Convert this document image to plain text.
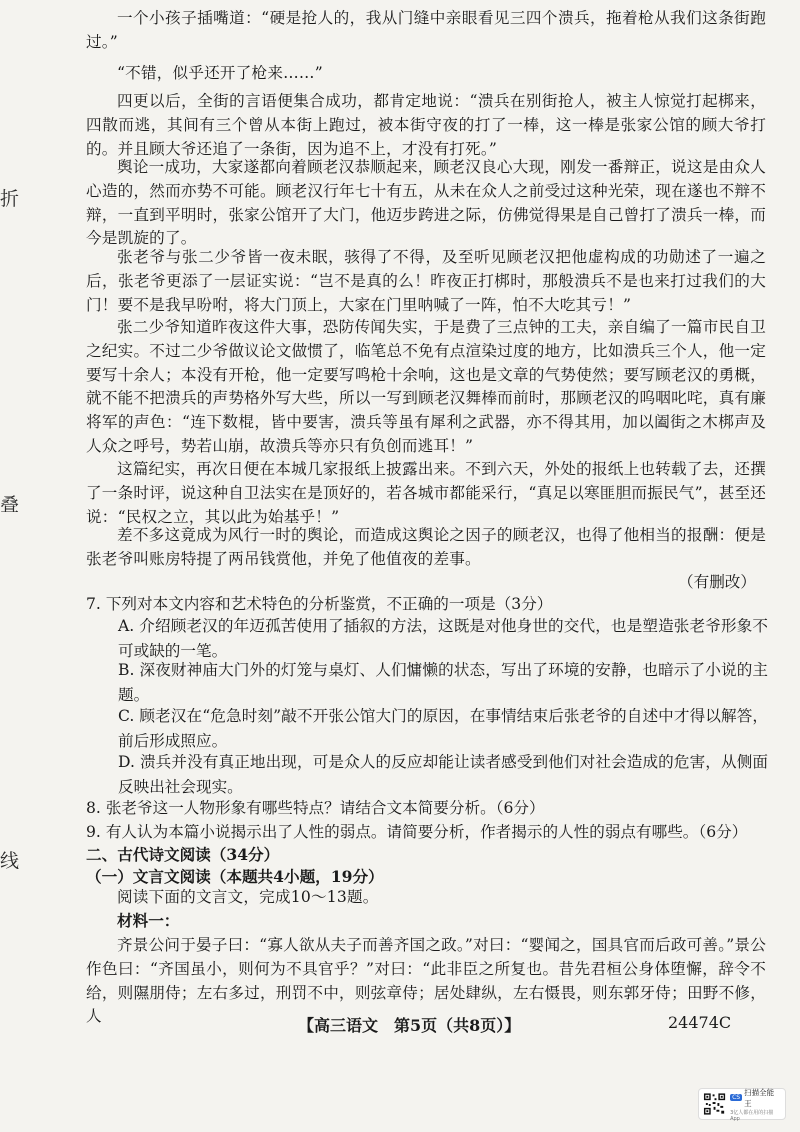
折
叠
线

一个小孩子插嘴道：“硬是抢人的，我从门缝中亲眼看见三四个溃兵，拖着枪从我们这条街跑过。”

“不错，似乎还开了枪来……”

四更以后，全街的言语便集合成功，都肯定地说：“溃兵在别街抢人，被主人惊觉打起梆来，四散而逃，其间有三个曾从本街上跑过，被本街守夜的打了一棒，这一棒是张家公馆的顾大爷打的。并且顾大爷还追了一条街，因为追不上，才没有打死。”

舆论一成功，大家遂都向着顾老汉恭顺起来，顾老汉良心大现，刚发一番辩正，说这是由众人心造的，然而亦势不可能。顾老汉行年七十有五，从未在众人之前受过这种光荣，现在遂也不辩不辩，一直到平明时，张家公馆开了大门，他迈步跨进之际，仿佛觉得果是自己曾打了溃兵一棒，而今是凯旋的了。

张老爷与张二少爷皆一夜未眠，骇得了不得，及至听见顾老汉把他虚构成的功勋述了一遍之后，张老爷更添了一层证实说：“岂不是真的么！昨夜正打梆时，那般溃兵不是也来打过我们的大门！要不是我早吩咐，将大门顶上，大家在门里呐喊了一阵，怕不大吃其亏！”

张二少爷知道昨夜这件大事，恐防传闻失实，于是费了三点钟的工夫，亲自编了一篇市民自卫之纪实。不过二少爷做议论文做惯了，临笔总不免有点渲染过度的地方，比如溃兵三个人，他一定要写十余人；本没有开枪，他一定要写鸣枪十余响，这也是文章的气势使然；要写顾老汉的勇概，就不能不把溃兵的声势格外写大些，所以一写到顾老汉舞棒而前时，那顾老汉的呜咽叱咤，真有廉将军的声色：“连下数棍，皆中要害，溃兵等虽有犀利之武器，亦不得其用，加以阖街之木梆声及人众之呼号，势若山崩，故溃兵等亦只有负创而逃耳！”

这篇纪实，再次日便在本城几家报纸上披露出来。不到六天，外处的报纸上也转载了去，还撰了一条时评，说这种自卫法实在是顶好的，若各城市都能采行，“真足以寒匪胆而振民气”，甚至还说：“民权之立，其以此为始基乎！”

差不多这竟成为风行一时的舆论，而造成这舆论之因子的顾老汉，也得了他相当的报酬：便是张老爷叫账房特提了两吊钱赏他，并免了他值夜的差事。

（有删改）

7. 下列对本文内容和艺术特色的分析鉴赏，不正确的一项是（3分）

A. 介绍顾老汉的年迈孤苦使用了插叙的方法，这既是对他身世的交代，也是塑造张老爷形象不可或缺的一笔。

B. 深夜财神庙大门外的灯笼与桌灯、人们慵懒的状态，写出了环境的安静，也暗示了小说的主题。

C. 顾老汉在“危急时刻”敲不开张公馆大门的原因，在事情结束后张老爷的自述中才得以解答，前后形成照应。

D. 溃兵并没有真正地出现，可是众人的反应却能让读者感受到他们对社会造成的危害，从侧面反映出社会现实。

8. 张老爷这一人物形象有哪些特点？请结合文本简要分析。（6分）

9. 有人认为本篇小说揭示出了人性的弱点。请简要分析，作者揭示的人性的弱点有哪些。（6分）

二、古代诗文阅读（34分）
（一）文言文阅读（本题共4小题，19分）

阅读下面的文言文，完成10～13题。

材料一：

齐景公问于晏子曰：“寡人欲从夫子而善齐国之政。”对曰：“婴闻之，国具官而后政可善。”景公作色曰：“齐国虽小，则何为不具官乎？”对曰：“此非臣之所复也。昔先君桓公身体堕懈，辞令不给，则隰朋侍；左右多过，刑罚不中，则弦章侍；居处肆纵，左右慑畏，则东郭牙侍；田野不修，人	【高三语文　第5页（共8页）】	24474C
CS
扫描全能王
3亿人都在用的扫描App
